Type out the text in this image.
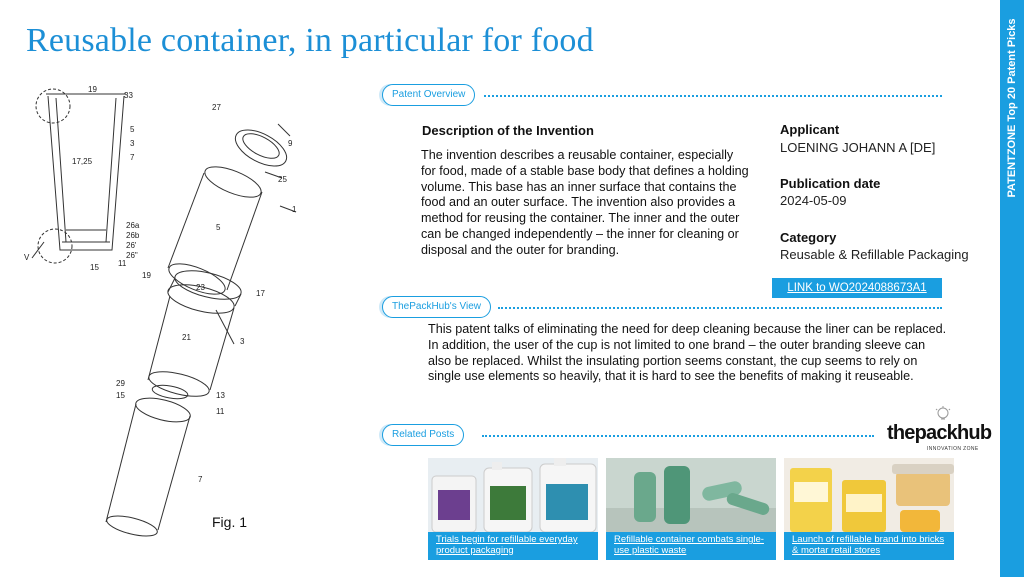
Reusable container, in particular for food	PATENTZONE Top 20 Patent Picks
19
33
5
3
7
17,25
26a
26b
26'
26"
V
15 11
27
9
25
1
5
19
23
17
21	3
29
15	13
11
7
Fig. 1
Patent Overview
Description of the Invention
The invention describes a reusable container, especially for food, made of a stable base body that defines a holding volume. This base has an inner surface that contains the food and an outer surface. The invention also provides a method for reusing the container. The inner and the outer can be changed independently – the inner for cleaning or disposal and the outer for branding.
Applicant
LOENING JOHANN A [DE]
Publication date
2024-05-09
Category
Reusable & Refillable Packaging
LINK to WO2024088673A1
ThePackHub's View
This patent talks of eliminating the need for deep cleaning because the liner can be replaced. In addition, the user of the cup is not limited to one brand – the outer branding sleeve can also be replaced. Whilst the insulating portion seems constant, the cup seems to rely on single use elements so heavily, that it is hard to see the benefits of making it reuseable.
Related Posts	thepackhub
INNOVATION ZONE
Trials begin for refillable everyday product packaging
Refillable container combats single-use plastic waste
Launch of refillable brand into bricks & mortar retail stores
